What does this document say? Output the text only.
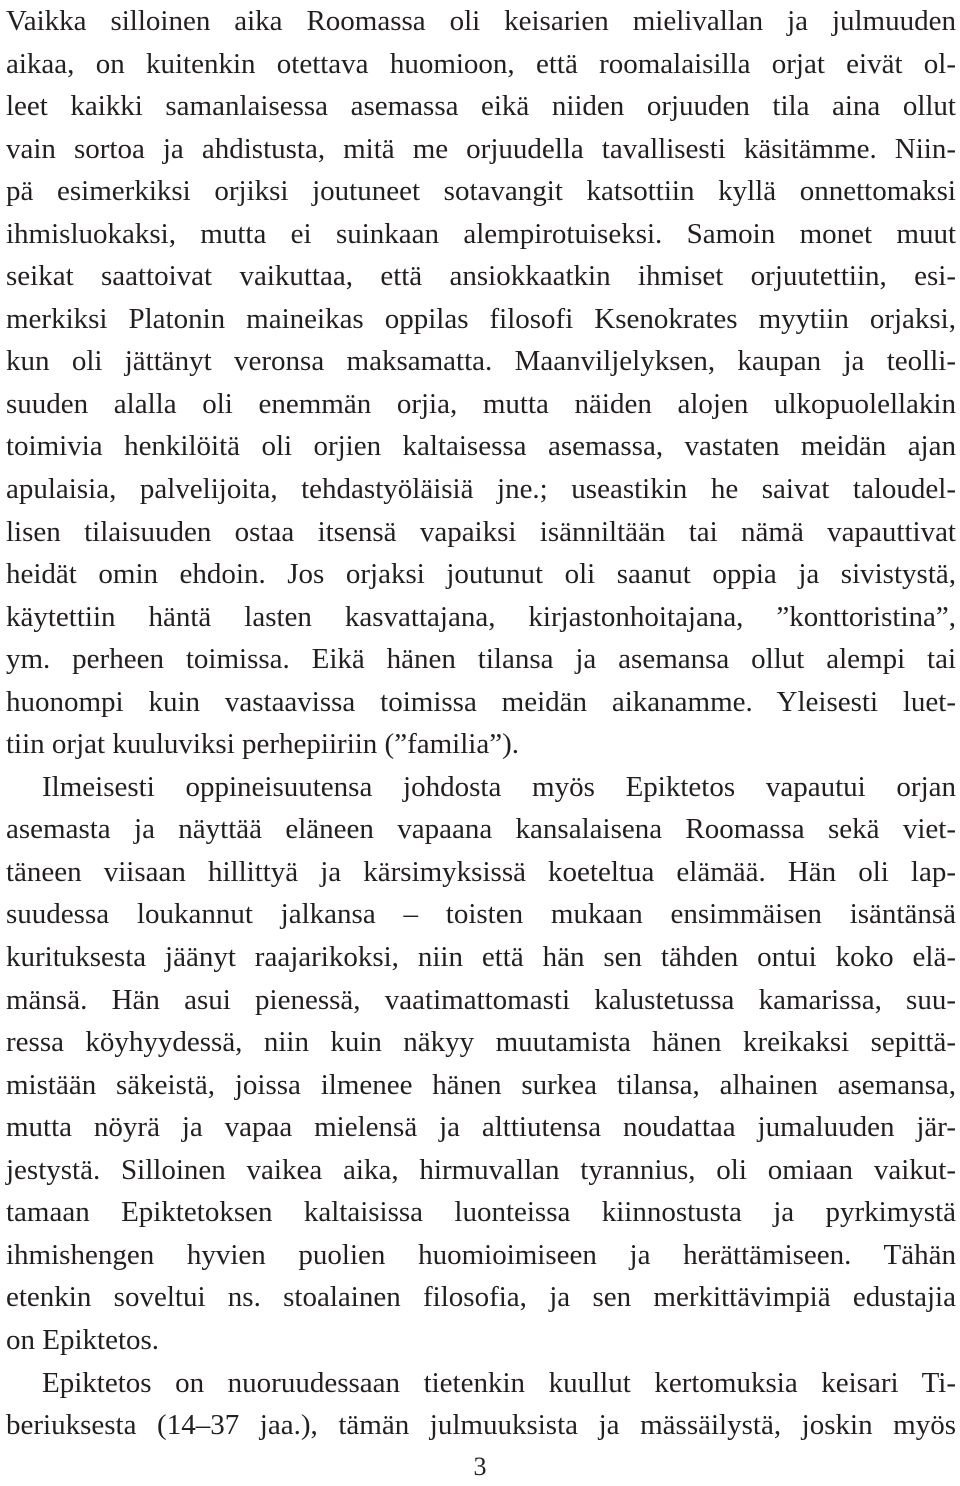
Vaikka silloinen aika Roomassa oli keisarien mielivallan ja julmuuden
aikaa, on kuitenkin otettava huomioon, että roomalaisilla orjat eivät ol-
leet kaikki samanlaisessa asemassa eikä niiden orjuuden tila aina ollut
vain sortoa ja ahdistusta, mitä me orjuudella tavallisesti käsitämme. Niin-
pä esimerkiksi orjiksi joutuneet sotavangit katsottiin kyllä onnettomaksi
ihmisluokaksi, mutta ei suinkaan alempirotuiseksi. Samoin monet muut
seikat saattoivat vaikuttaa, että ansiokkaatkin ihmiset orjuutettiin, esi-
merkiksi Platonin maineikas oppilas filosofi Ksenokrates myytiin orjaksi,
kun oli jättänyt veronsa maksamatta. Maanviljelyksen, kaupan ja teolli-
suuden alalla oli enemmän orjia, mutta näiden alojen ulkopuolellakin
toimivia henkilöitä oli orjien kaltaisessa asemassa, vastaten meidän ajan
apulaisia, palvelijoita, tehdastyöläisiä jne.; useastikin he saivat taloudel-
lisen tilaisuuden ostaa itsensä vapaiksi isänniltään tai nämä vapauttivat
heidät omin ehdoin. Jos orjaksi joutunut oli saanut oppia ja sivistystä,
käytettiin häntä lasten kasvattajana, kirjastonhoitajana, ”konttoristina”,
ym. perheen toimissa. Eikä hänen tilansa ja asemansa ollut alempi tai
huonompi kuin vastaavissa toimissa meidän aikanamme. Yleisesti luet-
tiin orjat kuuluviksi perhepiiriin (”familia”).
Ilmeisesti oppineisuutensa johdosta myös Epiktetos vapautui orjan
asemasta ja näyttää eläneen vapaana kansalaisena Roomassa sekä viet-
täneen viisaan hillittyä ja kärsimyksissä koeteltua elämää. Hän oli lap-
suudessa loukannut jalkansa – toisten mukaan ensimmäisen isäntänsä
kurituksesta jäänyt raajarikoksi, niin että hän sen tähden ontui koko elä-
mänsä. Hän asui pienessä, vaatimattomasti kalustetussa kamarissa, suu-
ressa köyhyydessä, niin kuin näkyy muutamista hänen kreikaksi sepittä-
mistään säkeistä, joissa ilmenee hänen surkea tilansa, alhainen asemansa,
mutta nöyrä ja vapaa mielensä ja alttiutensa noudattaa jumaluuden jär-
jestystä. Silloinen vaikea aika, hirmuvallan tyrannius, oli omiaan vaikut-
tamaan Epiktetoksen kaltaisissa luonteissa kiinnostusta ja pyrkimystä
ihmishengen hyvien puolien huomioimiseen ja herättämiseen. Tähän
etenkin soveltui ns. stoalainen filosofia, ja sen merkittävimpiä edustajia
on Epiktetos.
Epiktetos on nuoruudessaan tietenkin kuullut kertomuksia keisari Ti-
beriuksesta (14–37 jaa.), tämän julmuuksista ja mässäilystä, joskin myös
3
